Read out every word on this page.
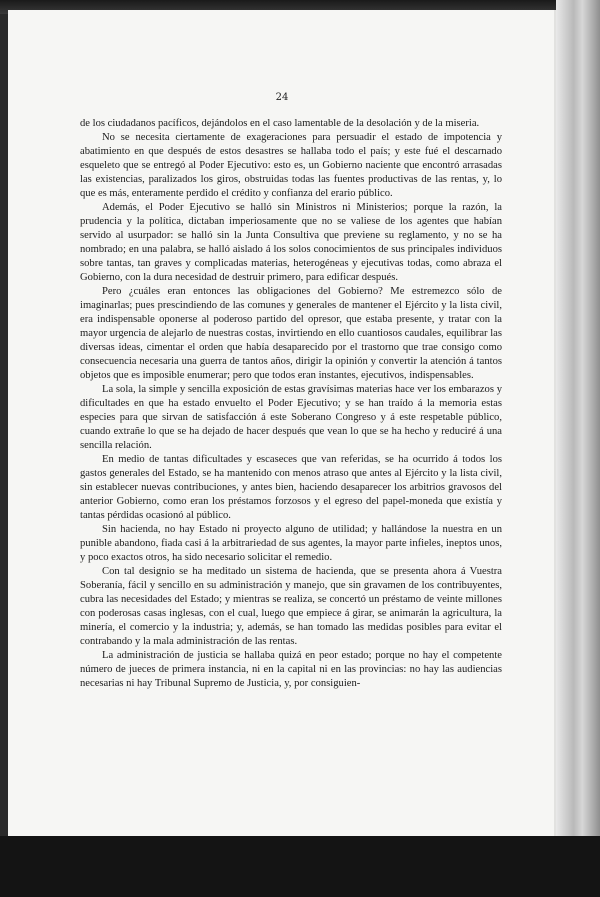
24

de los ciudadanos pacíficos, dejándolos en el caso lamentable de la desolación y de la miseria.

No se necesita ciertamente de exageraciones para persuadir el estado de impotencia y abatimiento en que después de estos desastres se hallaba todo el país; y este fué el descarnado esqueleto que se entregó al Poder Ejecutivo: esto es, un Gobierno naciente que encontró arrasadas las existencias, paralizados los giros, obstruidas todas las fuentes productivas de las rentas, y, lo que es más, enteramente perdido el crédito y confianza del erario público.

Además, el Poder Ejecutivo se halló sin Ministros ni Ministerios; porque la razón, la prudencia y la política, dictaban imperiosamente que no se valiese de los agentes que habían servido al usurpador: se halló sin la Junta Consultiva que previene su reglamento, y no se ha nombrado; en una palabra, se halló aislado á los solos conocimientos de sus principales individuos sobre tantas, tan graves y complicadas materias, heterogéneas y ejecutivas todas, como abraza el Gobierno, con la dura necesidad de destruir primero, para edificar después.

Pero ¿cuáles eran entonces las obligaciones del Gobierno? Me estremezco sólo de imaginarlas; pues prescindiendo de las comunes y generales de mantener el Ejército y la lista civil, era indispensable oponerse al poderoso partido del opresor, que estaba presente, y tratar con la mayor urgencia de alejarlo de nuestras costas, invirtiendo en ello cuantiosos caudales, equilibrar las diversas ideas, cimentar el orden que había desaparecido por el trastorno que trae consigo como consecuencia necesaria una guerra de tantos años, dirigir la opinión y convertir la atención á tantos objetos que es imposible enumerar; pero que todos eran instantes, ejecutivos, indispensables.

La sola, la simple y sencilla exposición de estas gravísimas materias hace ver los embarazos y dificultades en que ha estado envuelto el Poder Ejecutivo; y se han traído á la memoria estas especies para que sirvan de satisfacción á este Soberano Congreso y á este respetable público, cuando extrañe lo que se ha dejado de hacer después que vean lo que se ha hecho y reduciré á una sencilla relación.

En medio de tantas dificultades y escaseces que van referidas, se ha ocurrido á todos los gastos generales del Estado, se ha mantenido con menos atraso que antes al Ejército y la lista civil, sin establecer nuevas contribuciones, y antes bien, haciendo desaparecer los arbitrios gravosos del anterior Gobierno, como eran los préstamos forzosos y el egreso del papel-moneda que existía y tantas pérdidas ocasionó al público.

Sin hacienda, no hay Estado ni proyecto alguno de utilidad; y hallándose la nuestra en un punible abandono, fiada casi á la arbitrariedad de sus agentes, la mayor parte infieles, ineptos unos, y poco exactos otros, ha sido necesario solicitar el remedio.

Con tal designio se ha meditado un sistema de hacienda, que se presenta ahora á Vuestra Soberanía, fácil y sencillo en su administración y manejo, que sin gravamen de los contribuyentes, cubra las necesidades del Estado; y mientras se realiza, se concertó un préstamo de veinte millones con poderosas casas inglesas, con el cual, luego que empiece á girar, se animarán la agricultura, la minería, el comercio y la industria; y, además, se han tomado las medidas posibles para evitar el contrabando y la mala administración de las rentas.

La administración de justicia se hallaba quizá en peor estado; porque no hay el competente número de jueces de primera instancia, ni en la capital ni en las provincias: no hay las audiencias necesarias ni hay Tribunal Supremo de Justicia, y, por consiguien-
